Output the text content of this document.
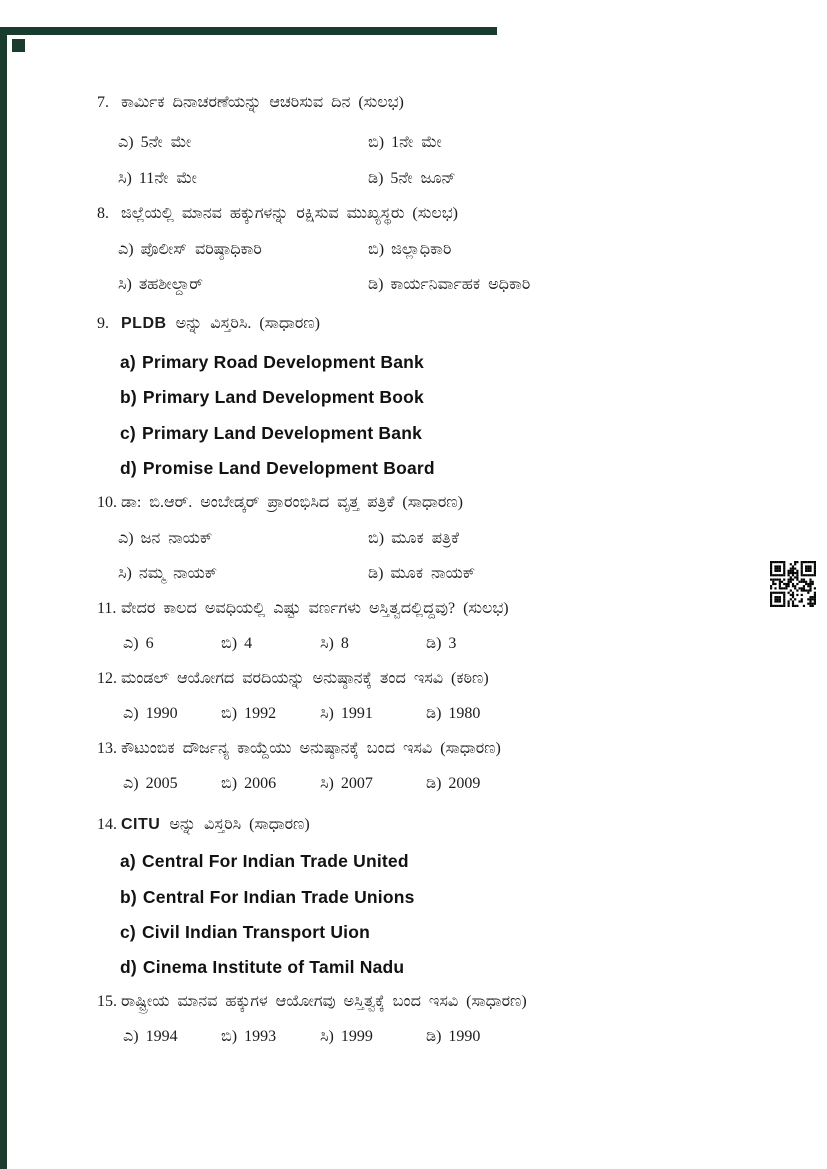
7. ಕಾರ್ಮಿಕ ದಿನಾಚರಣೆಯನ್ನು ಆಚರಿಸುವ ದಿನ (ಸುಲಭ)
ಎ) 5ನೇ ಮೇ	ಬಿ) 1ನೇ ಮೇ
ಸಿ) 11ನೇ ಮೇ	ಡಿ) 5ನೇ ಜೂನ್
8. ಜಿಲ್ಲೆಯಲ್ಲಿ ಮಾನವ ಹಕ್ಕುಗಳನ್ನು ರಕ್ಷಿಸುವ ಮುಖ್ಯಸ್ಥರು (ಸುಲಭ)
ಎ) ಪೊಲೀಸ್ ವರಿಷ್ಠಾಧಿಕಾರಿ	ಬಿ) ಜಿಲ್ಲಾಧಿಕಾರಿ
ಸಿ) ತಹಶೀಲ್ದಾರ್	ಡಿ) ಕಾರ್ಯನಿರ್ವಾಹಕ ಅಧಿಕಾರಿ
9. PLDB ಅನ್ನು ವಿಸ್ತರಿಸಿ. (ಸಾಧಾರಣ)
a) Primary Road Development Bank
b) Primary Land Development Book
c) Primary Land Development Bank
d) Promise Land Development Board
10. ಡಾ: ಬಿ.ಆರ್. ಅಂಬೇಡ್ಕರ್ ಪ್ರಾರಂಭಿಸಿದ ವೃತ್ತ ಪತ್ರಿಕೆ (ಸಾಧಾರಣ)
ಎ) ಜನ ನಾಯಕ್	ಬಿ) ಮೂಕ ಪತ್ರಿಕೆ
ಸಿ) ನಮ್ಮ ನಾಯಕ್	ಡಿ) ಮೂಕ ನಾಯಕ್
11. ವೇದರ ಕಾಲದ ಅವಧಿಯಲ್ಲಿ ಎಷ್ಟು ವರ್ಣಗಳು ಅಸ್ತಿತ್ವದಲ್ಲಿದ್ದವು? (ಸುಲಭ)
ಎ) 6	ಬಿ) 4	ಸಿ) 8	ಡಿ) 3
12. ಮಂಡಲ್ ಆಯೋಗದ ವರದಿಯನ್ನು ಅನುಷ್ಠಾನಕ್ಕೆ ತಂದ ಇಸವಿ (ಕಠಿಣ)
ಎ) 1990	ಬಿ) 1992	ಸಿ) 1991	ಡಿ) 1980
13. ಕೌಟುಂಬಿಕ ದೌರ್ಜನ್ಯ ಕಾಯ್ದೆಯು ಅನುಷ್ಠಾನಕ್ಕೆ ಬಂದ ಇಸವಿ (ಸಾಧಾರಣ)
ಎ) 2005	ಬಿ) 2006	ಸಿ) 2007	ಡಿ) 2009
14. CITU ಅನ್ನು ವಿಸ್ತರಿಸಿ (ಸಾಧಾರಣ)
a) Central For Indian Trade United
b) Central For Indian Trade Unions
c) Civil Indian Transport Uion
d) Cinema Institute of Tamil Nadu
15. ರಾಷ್ಟ್ರೀಯ ಮಾನವ ಹಕ್ಕುಗಳ ಆಯೋಗವು ಅಸ್ತಿತ್ವಕ್ಕೆ ಬಂದ ಇಸವಿ (ಸಾಧಾರಣ)
ಎ) 1994	ಬಿ) 1993	ಸಿ) 1999	ಡಿ) 1990
